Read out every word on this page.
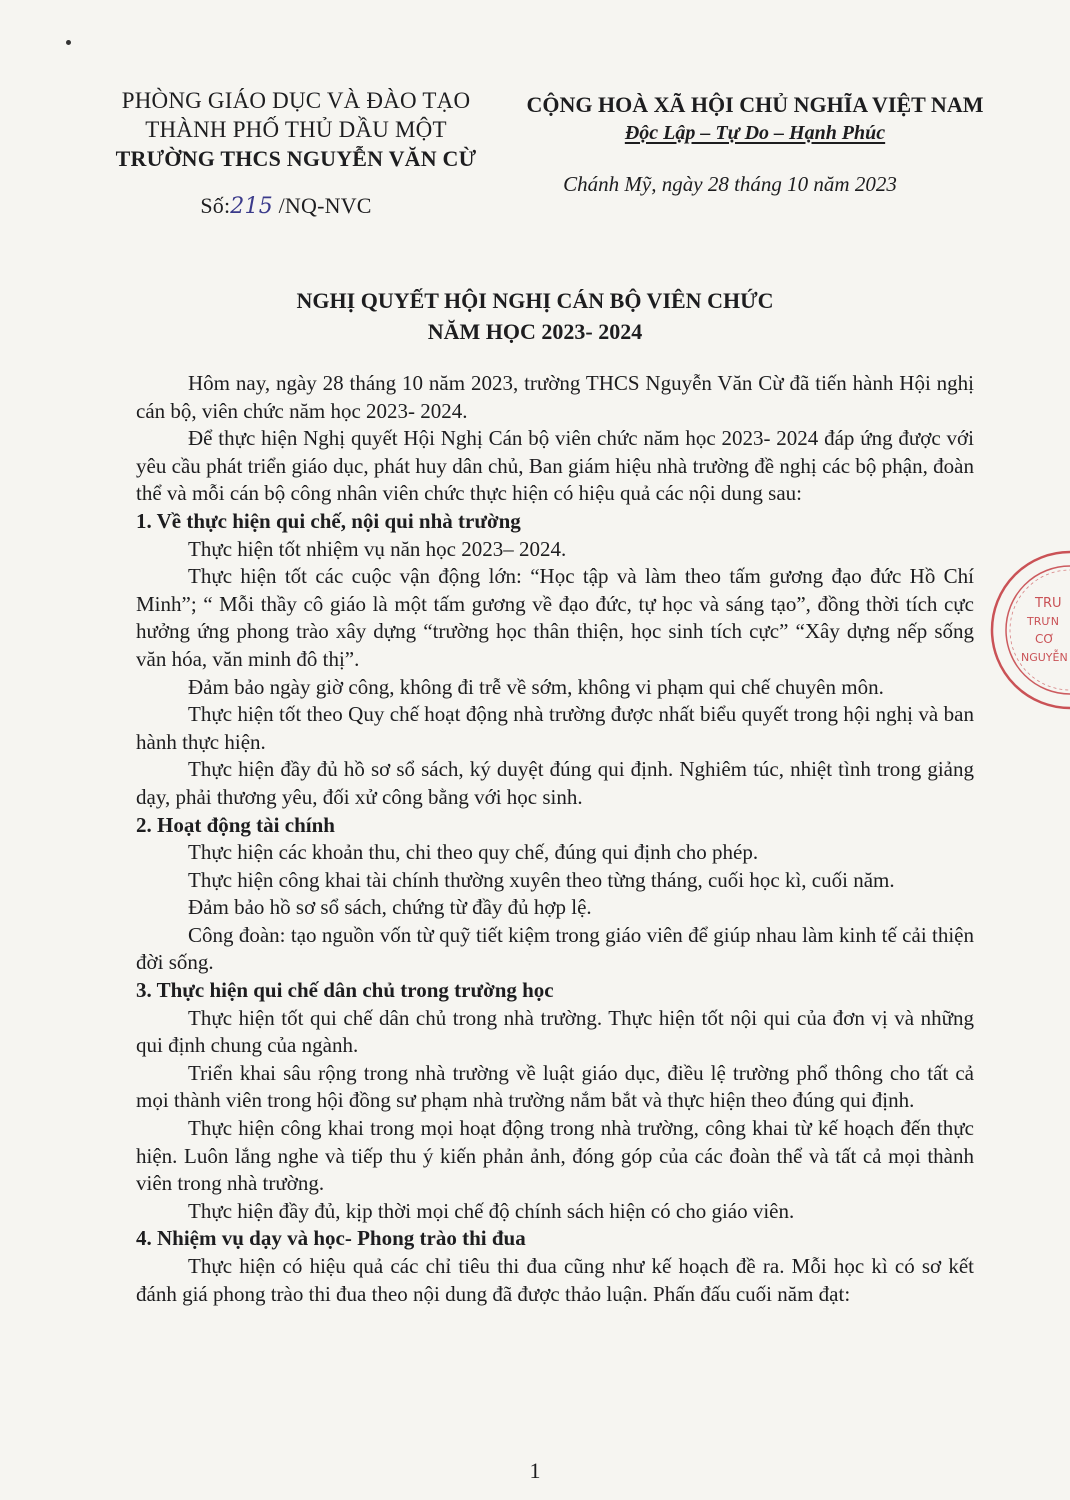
PHÒNG GIÁO DỤC VÀ ĐÀO TẠO
THÀNH PHỐ THỦ DẦU MỘT
TRƯỜNG THCS NGUYỄN VĂN CỪ
Số:215 /NQ-NVC
CỘNG HOÀ XÃ HỘI CHỦ NGHĨA VIỆT NAM
Độc Lập – Tự Do – Hạnh Phúc
Chánh Mỹ, ngày 28 tháng 10 năm 2023
NGHỊ QUYẾT HỘI NGHỊ CÁN BỘ VIÊN CHỨC
NĂM HỌC 2023- 2024

Hôm nay, ngày 28 tháng 10 năm 2023, trường THCS Nguyễn Văn Cừ đã tiến hành Hội nghị cán bộ, viên chức năm học 2023- 2024.

Để thực hiện Nghị quyết Hội Nghị Cán bộ viên chức năm học 2023- 2024 đáp ứng được với yêu cầu phát triển giáo dục, phát huy dân chủ, Ban giám hiệu nhà trường đề nghị các bộ phận, đoàn thể và mỗi cán bộ công nhân viên chức thực hiện có hiệu quả các nội dung sau:

1. Về thực hiện qui chế, nội qui nhà trường

Thực hiện tốt nhiệm vụ năn học 2023– 2024.

Thực hiện tốt các cuộc vận động lớn: “Học tập và làm theo tấm gương đạo đức Hồ Chí Minh”; “ Mỗi thầy cô giáo là một tấm gương về đạo đức, tự học và sáng tạo”, đồng thời tích cực hưởng ứng phong trào xây dựng “trường học thân thiện, học sinh tích cực” “Xây dựng nếp sống văn hóa, văn minh đô thị”.

Đảm bảo ngày giờ công, không đi trễ về sớm, không vi phạm qui chế chuyên môn.

Thực hiện tốt theo Quy chế hoạt động nhà trường được nhất biểu quyết trong hội nghị và ban hành thực hiện.

Thực hiện đầy đủ hồ sơ sổ sách, ký duyệt đúng qui định. Nghiêm túc, nhiệt tình trong giảng dạy, phải thương yêu, đối xử công bằng với học sinh.

2. Hoạt động tài chính

Thực hiện các khoản thu, chi theo quy chế, đúng qui định cho phép.

Thực hiện công khai tài chính thường xuyên theo từng tháng, cuối học kì, cuối năm.

Đảm bảo hồ sơ sổ sách, chứng từ đầy đủ hợp lệ.

Công đoàn: tạo nguồn vốn từ quỹ tiết kiệm trong giáo viên để giúp nhau làm kinh tế cải thiện đời sống.

3. Thực hiện qui chế dân chủ trong trường học

Thực hiện tốt qui chế dân chủ trong nhà trường. Thực hiện tốt nội qui của đơn vị và những qui định chung của ngành.

Triển khai sâu rộng trong nhà trường về luật giáo dục, điều lệ trường phổ thông cho tất cả mọi thành viên trong hội đồng sư phạm nhà trường nắm bắt và thực hiện theo đúng qui định.

Thực hiện công khai trong mọi hoạt động trong nhà trường, công khai từ kế hoạch đến thực hiện. Luôn lắng nghe và tiếp thu ý kiến phản ảnh, đóng góp của các đoàn thể và tất cả mọi thành viên trong nhà trường.

Thực hiện đầy đủ, kịp thời mọi chế độ chính sách hiện có cho giáo viên.

4. Nhiệm vụ dạy và học- Phong trào thi đua

Thực hiện có hiệu quả các chỉ tiêu thi đua cũng như kế hoạch đề ra. Mỗi học kì có sơ kết đánh giá phong trào thi đua theo nội dung đã được thảo luận. Phấn đấu cuối năm đạt:

TRU
TRƯN
CƠ
NGUYỄN
1
